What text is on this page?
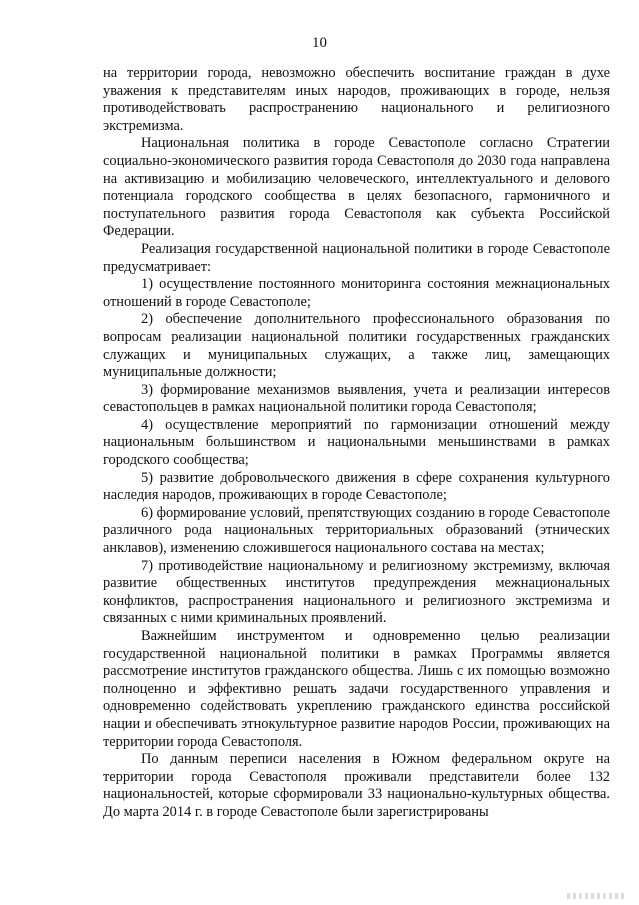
10

на территории города, невозможно обеспечить воспитание граждан в духе уважения к представителям иных народов, проживающих в городе, нельзя противодействовать распространению национального и религиозного экстремизма.

Национальная политика в городе Севастополе согласно Стратегии социально-экономического развития города Севастополя до 2030 года направлена на активизацию и мобилизацию человеческого, интеллектуального и делового потенциала городского сообщества в целях безопасного, гармоничного и поступательного развития города Севастополя как субъекта Российской Федерации.

Реализация государственной национальной политики в городе Севастополе предусматривает:

1) осуществление постоянного мониторинга состояния межнациональных отношений в городе Севастополе;

2) обеспечение дополнительного профессионального образования по вопросам реализации национальной политики государственных гражданских служащих и муниципальных служащих, а также лиц, замещающих муниципальные должности;

3) формирование механизмов выявления, учета и реализации интересов севастопольцев в рамках национальной политики города Севастополя;

4) осуществление мероприятий по гармонизации отношений между национальным большинством и национальными меньшинствами в рамках городского сообщества;

5) развитие добровольческого движения в сфере сохранения культурного наследия народов, проживающих в городе Севастополе;

6) формирование условий, препятствующих созданию в городе Севастополе различного рода национальных территориальных образований (этнических анклавов), изменению сложившегося национального состава на местах;

7) противодействие национальному и религиозному экстремизму, включая развитие общественных институтов предупреждения межнациональных конфликтов, распространения национального и религиозного экстремизма и связанных с ними криминальных проявлений.

Важнейшим инструментом и одновременно целью реализации государственной национальной политики в рамках Программы является рассмотрение институтов гражданского общества. Лишь с их помощью возможно полноценно и эффективно решать задачи государственного управления и одновременно содействовать укреплению гражданского единства российской нации и обеспечивать этнокультурное развитие народов России, проживающих на территории города Севастополя.

По данным переписи населения в Южном федеральном округе на территории города Севастополя проживали представители более 132 национальностей, которые сформировали 33 национально-культурных общества. До марта 2014 г. в городе Севастополе были зарегистрированы
